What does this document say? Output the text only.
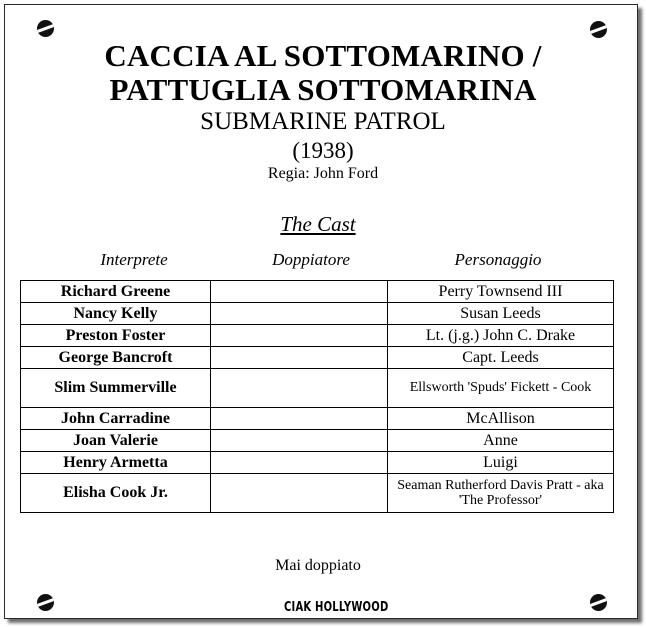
CACCIA AL SOTTOMARINO /
PATTUGLIA SOTTOMARINA
SUBMARINE PATROL
(1938)
Regia: John Ford
The Cast
Interprete	Doppiatore	Personaggio
Richard Greene		Perry Townsend III
Nancy Kelly		Susan Leeds
Preston Foster		Lt. (j.g.) John C. Drake
George Bancroft		Capt. Leeds
Slim Summerville		Ellsworth 'Spuds' Fickett - Cook
John Carradine		McAllison
Joan Valerie		Anne
Henry Armetta		Luigi
Elisha Cook Jr.		Seaman Rutherford Davis Pratt - aka 'The Professor'
Mai doppiato
CIAK HOLLYWOOD
